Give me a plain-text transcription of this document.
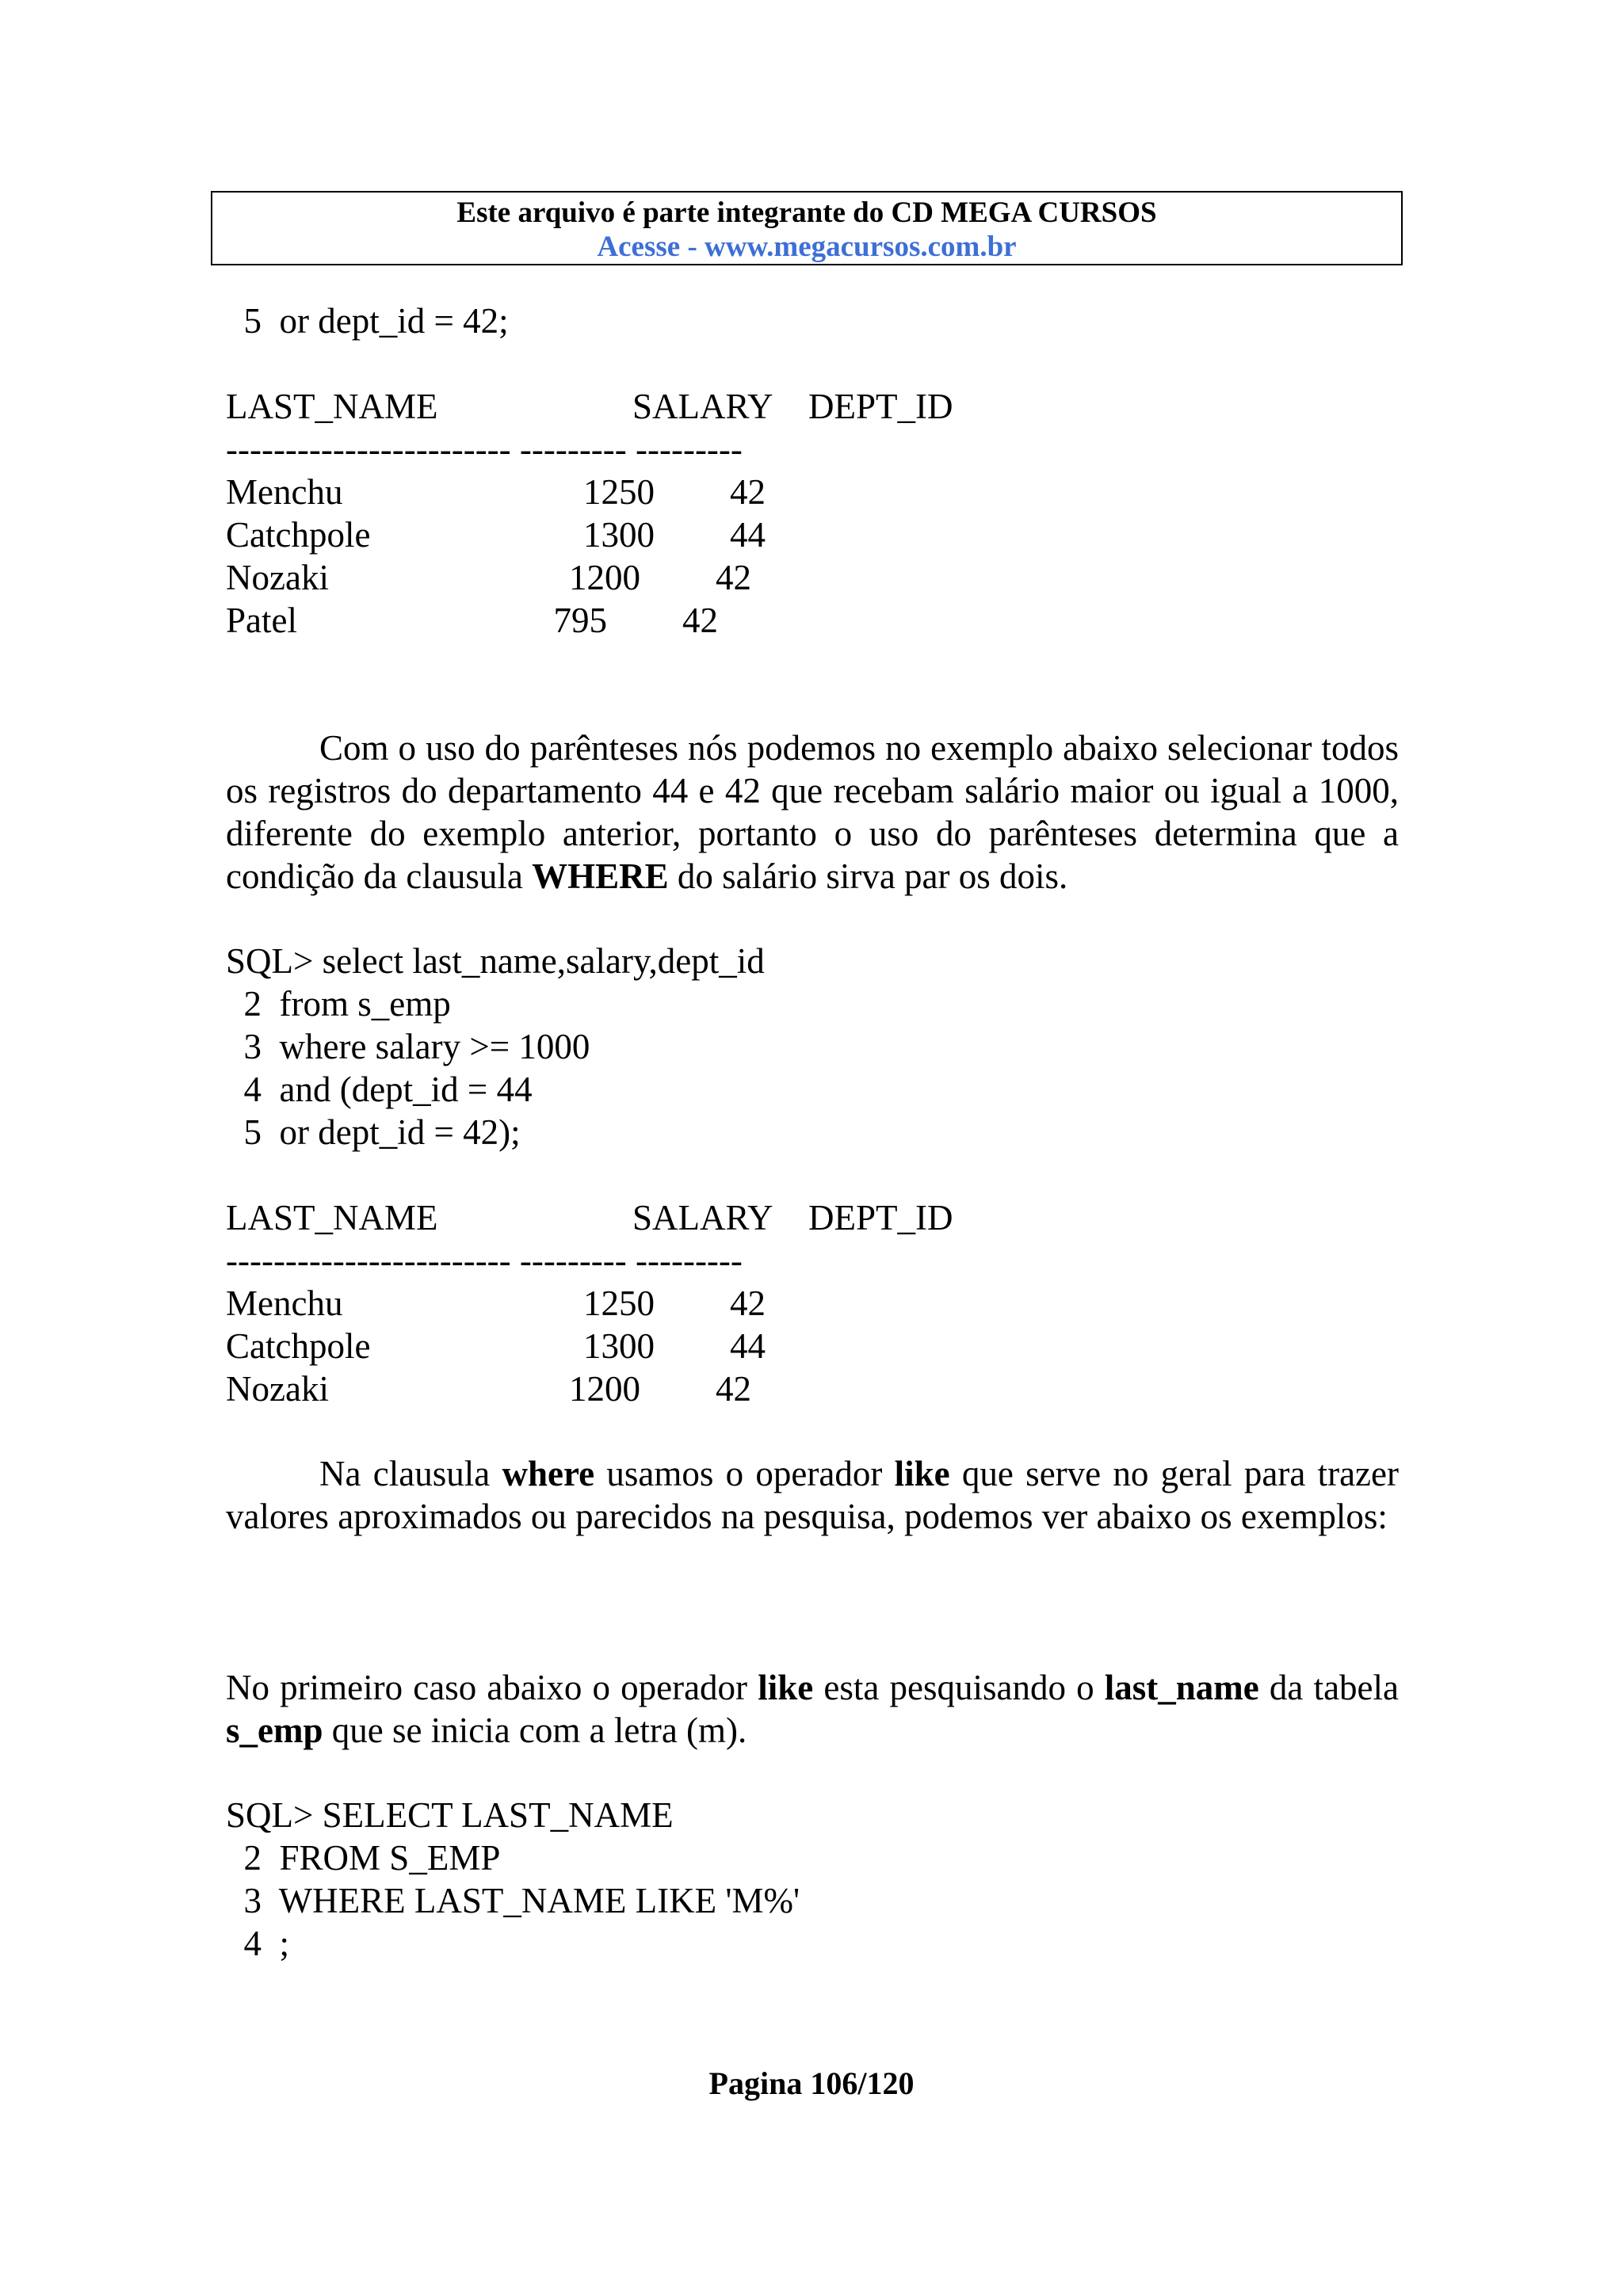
Este arquivo é parte integrante do CD MEGA CURSOS
Acesse - www.megacursos.com.br
5  or dept_id = 42;
LAST_NAME	SALARY DEPT_ID
------------------------ --------- ---------
Menchu	1250 42
Catchpole	1300 44
Nozaki	1200 42
Patel	795 42

Com o uso do parênteses nós podemos no exemplo abaixo selecionar todos os registros do departamento 44 e 42 que recebam salário maior ou igual a 1000, diferente do exemplo anterior, portanto o uso do parênteses determina que a condição da clausula WHERE do salário sirva par os dois.

SQL> select last_name,salary,dept_id
2  from s_emp
3  where salary >= 1000
4  and (dept_id = 44
5  or dept_id = 42);
LAST_NAME	SALARY DEPT_ID
------------------------ --------- ---------
Menchu	1250 42
Catchpole	1300 44
Nozaki	1200 42

Na clausula where usamos o operador like que serve no geral para trazer valores aproximados ou parecidos na pesquisa, podemos ver abaixo os exemplos:

No primeiro caso abaixo o operador like esta pesquisando o last_name da tabela s_emp que se inicia com a letra (m).

SQL> SELECT LAST_NAME
2  FROM S_EMP
3  WHERE LAST_NAME LIKE 'M%'
4  ;
Pagina 106/120
